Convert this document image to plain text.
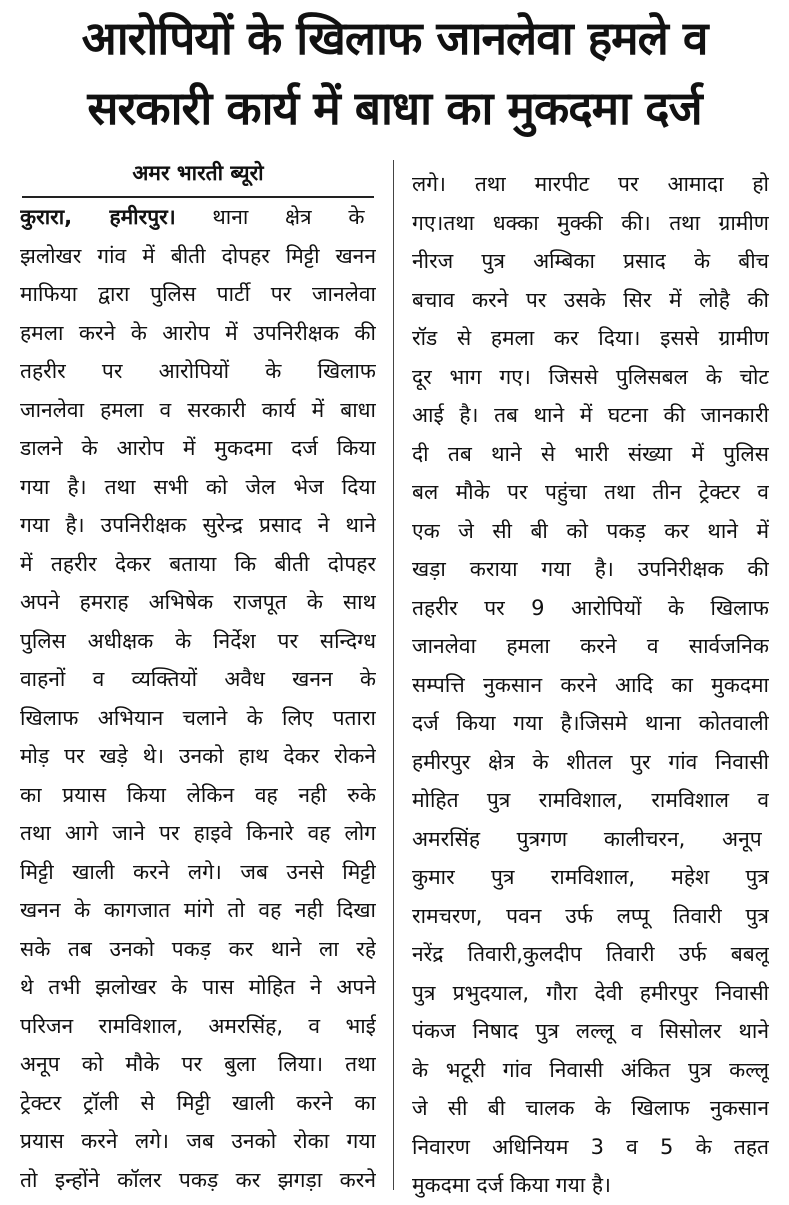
आरोपियों के खिलाफ जानलेवा हमले व
सरकारी कार्य में बाधा का मुकदमा दर्ज
अमर भारती ब्यूरो
कुरारा, हमीरपुर। थाना क्षेत्र के
झलोखर गांव में बीती दोपहर मिट्टी खनन
माफिया द्वारा पुलिस पार्टी पर जानलेवा
हमला करने के आरोप में उपनिरीक्षक की
तहरीर पर आरोपियों के खिलाफ
जानलेवा हमला व सरकारी कार्य में बाधा
डालने के आरोप में मुकदमा दर्ज किया
गया है। तथा सभी को जेल भेज दिया
गया है। उपनिरीक्षक सुरेन्द्र प्रसाद ने थाने
में तहरीर देकर बताया कि बीती दोपहर
अपने हमराह अभिषेक राजपूत के साथ
पुलिस अधीक्षक के निर्देश पर सन्दिग्ध
वाहनों व व्यक्तियों अवैध खनन के
खिलाफ अभियान चलाने के लिए पतारा
मोड़ पर खड़े थे। उनको हाथ देकर रोकने
का प्रयास किया लेकिन वह नही रुके
तथा आगे जाने पर हाइवे किनारे वह लोग
मिट्टी खाली करने लगे। जब उनसे मिट्टी
खनन के कागजात मांगे तो वह नही दिखा
सके तब उनको पकड़ कर थाने ला रहे
थे तभी झलोखर के पास मोहित ने अपने
परिजन रामविशाल, अमरसिंह, व भाई
अनूप को मौके पर बुला लिया। तथा
ट्रेक्टर ट्रॉली से मिट्टी खाली करने का
प्रयास करने लगे। जब उनको रोका गया
तो इन्होंने कॉलर पकड़ कर झगड़ा करने
लगे। तथा मारपीट पर आमादा हो
गए।तथा धक्का मुक्की की। तथा ग्रामीण
नीरज पुत्र अम्बिका प्रसाद के बीच
बचाव करने पर उसके सिर में लोहै की
रॉड से हमला कर दिया। इससे ग्रामीण
दूर भाग गए। जिससे पुलिसबल के चोट
आई है। तब थाने में घटना की जानकारी
दी तब थाने से भारी संख्या में पुलिस
बल मौके पर पहुंचा तथा तीन ट्रेक्टर व
एक जे सी बी को पकड़ कर थाने में
खड़ा कराया गया है। उपनिरीक्षक की
तहरीर पर 9 आरोपियों के खिलाफ
जानलेवा हमला करने व सार्वजनिक
सम्पत्ति नुकसान करने आदि का मुकदमा
दर्ज किया गया है।जिसमे थाना कोतवाली
हमीरपुर क्षेत्र के शीतल पुर गांव निवासी
मोहित पुत्र रामविशाल, रामविशाल व
अमरसिंह पुत्रगण कालीचरन, अनूप
कुमार पुत्र रामविशाल, महेश पुत्र
रामचरण, पवन उर्फ लप्पू तिवारी पुत्र
नरेंद्र तिवारी,कुलदीप तिवारी उर्फ बबलू
पुत्र प्रभुदयाल, गौरा देवी हमीरपुर निवासी
पंकज निषाद पुत्र लल्लू व सिसोलर थाने
के भटूरी गांव निवासी अंकित पुत्र कल्लू
जे सी बी चालक के खिलाफ नुकसान
निवारण अधिनियम 3 व 5 के तहत
मुकदमा दर्ज किया गया है।
